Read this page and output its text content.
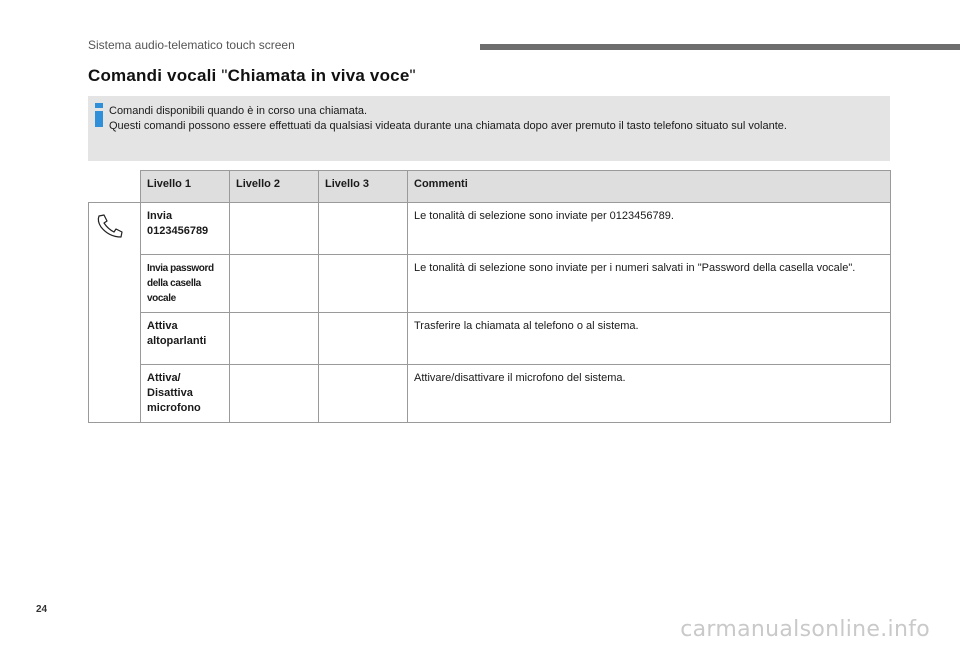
Sistema audio-telematico touch screen
Comandi vocali "Chiamata in viva voce"
Comandi disponibili quando è in corso una chiamata.
Questi comandi possono essere effettuati da qualsiasi videata durante una chiamata dopo aver premuto il tasto telefono situato sul volante.
	Livello 1	Livello 2	Livello 3	Commenti
	Invia
0123456789			Le tonalità di selezione sono inviate per 0123456789.
	Invia password
della casella
vocale			Le tonalità di selezione sono inviate per i numeri salvati in "Password della casella vocale".
	Attiva
altoparlanti			Trasferire la chiamata al telefono o al sistema.
	Attiva/
Disattiva
microfono			Attivare/disattivare il microfono del sistema.
24
carmanualsonline.info
